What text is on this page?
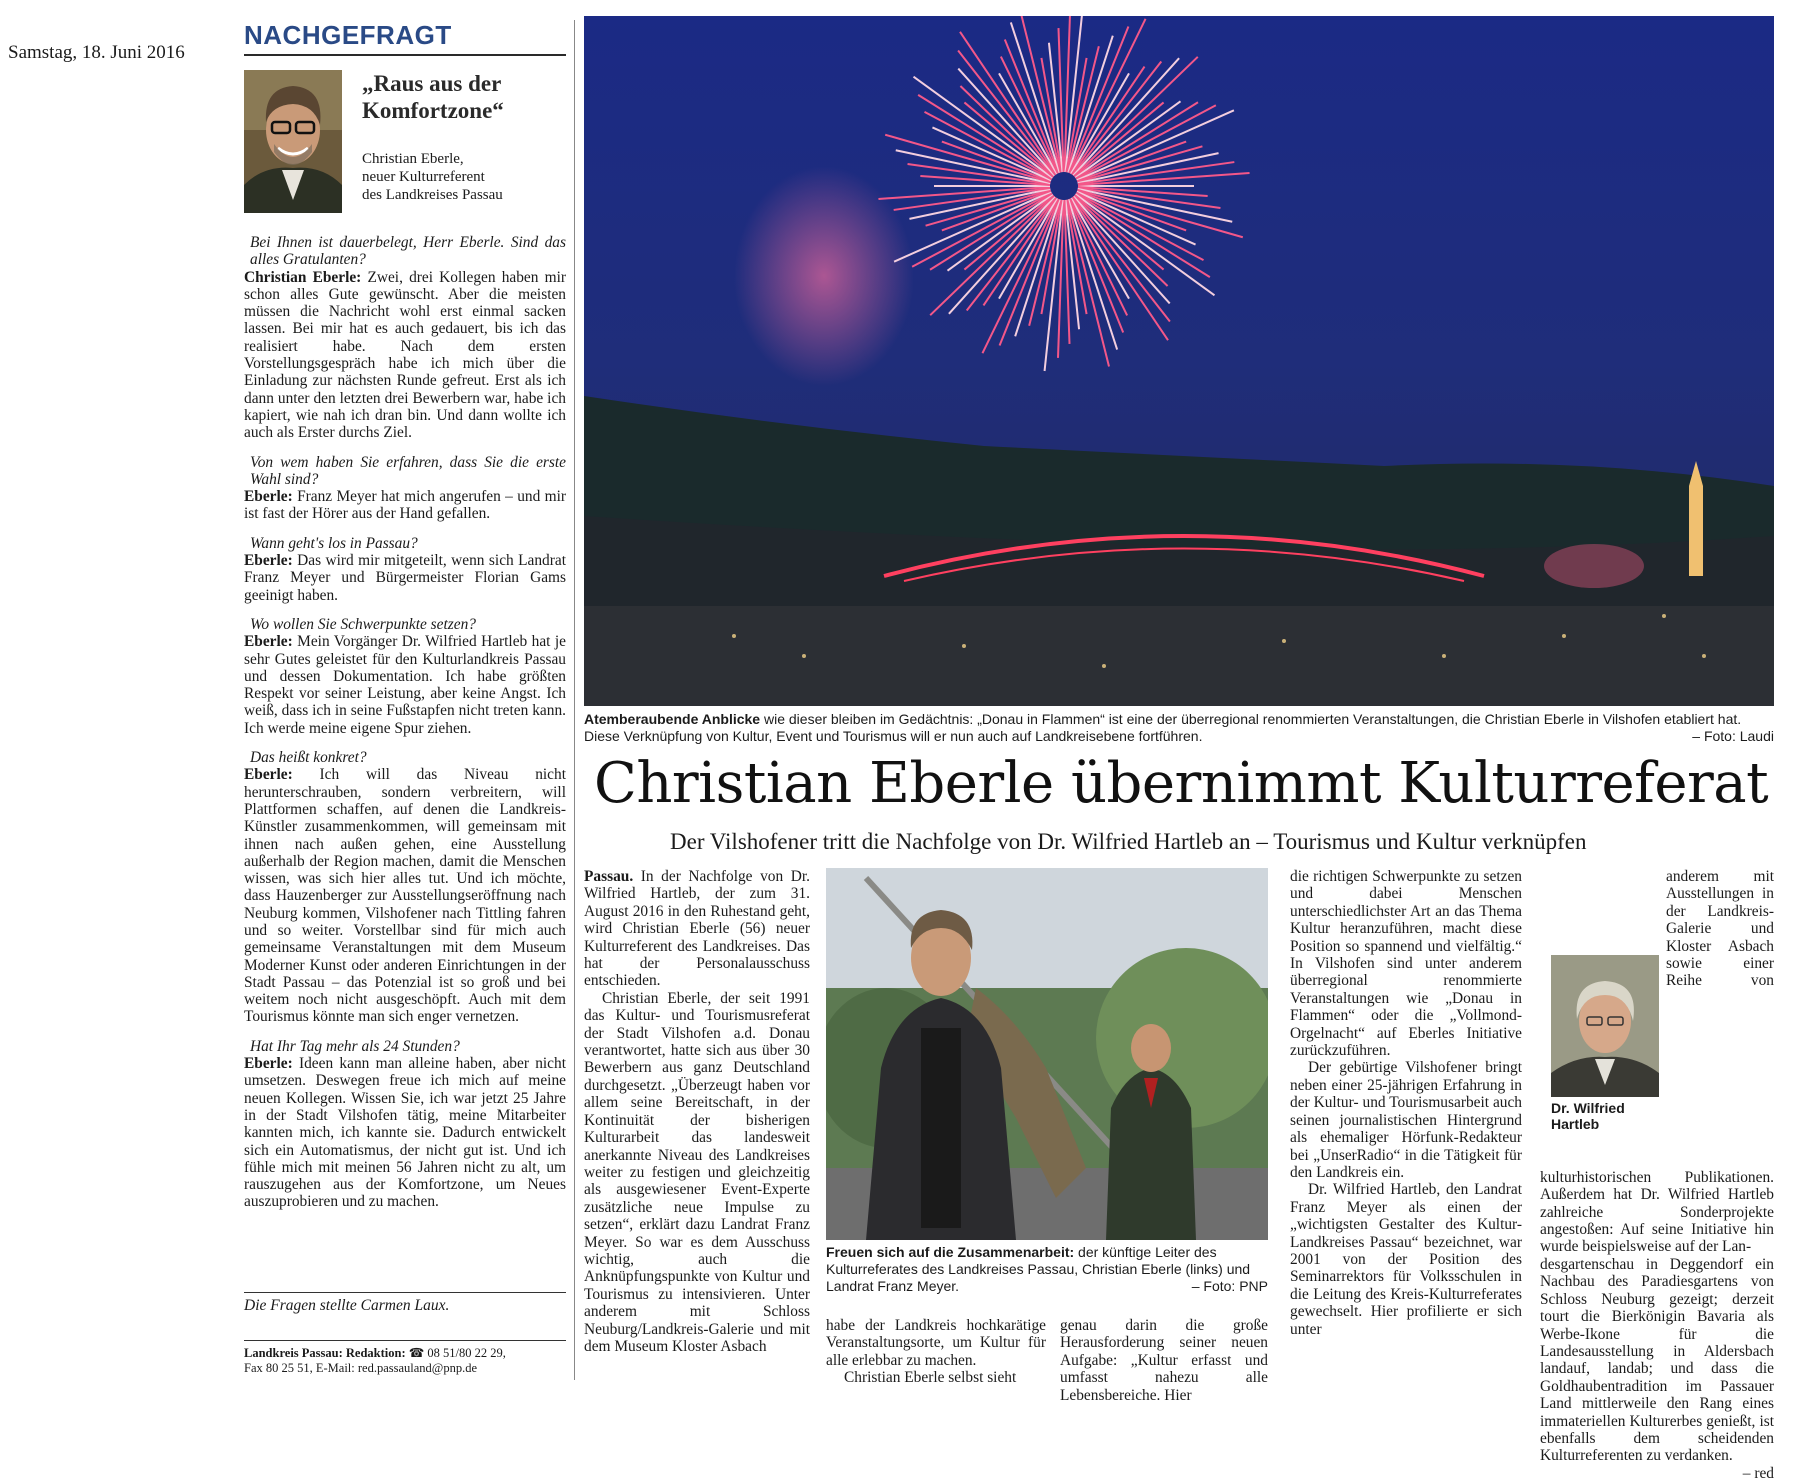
Samstag, 18. Juni 2016
NACHGEFRAGT
„Raus aus der Komfortzone“
Christian Eberle,
neuer Kulturreferent
des Landkreises Passau
Bei Ihnen ist dauerbelegt, Herr Eberle. Sind das alles Gratulanten?
Christian Eberle: Zwei, drei Kollegen haben mir schon alles Gute gewünscht. Aber die meisten müssen die Nachricht wohl erst einmal sacken lassen. Bei mir hat es auch gedauert, bis ich das realisiert habe. Nach dem ersten Vorstellungsgespräch habe ich mich über die Einladung zur nächsten Runde gefreut. Erst als ich dann unter den letzten drei Bewerbern war, habe ich kapiert, wie nah ich dran bin. Und dann wollte ich auch als Erster durchs Ziel.
Von wem haben Sie erfahren, dass Sie die erste Wahl sind?
Eberle: Franz Meyer hat mich angerufen – und mir ist fast der Hörer aus der Hand gefallen.
Wann geht's los in Passau?
Eberle: Das wird mir mitgeteilt, wenn sich Landrat Franz Meyer und Bürgermeister Florian Gams geeinigt haben.
Wo wollen Sie Schwerpunkte setzen?
Eberle: Mein Vorgänger Dr. Wilfried Hartleb hat je sehr Gutes geleistet für den Kulturlandkreis Passau und dessen Dokumentation. Ich habe größten Respekt vor seiner Leistung, aber keine Angst. Ich weiß, dass ich in seine Fußstapfen nicht treten kann. Ich werde meine eigene Spur ziehen.
Das heißt konkret?
Eberle: Ich will das Niveau nicht herunterschrauben, sondern verbreitern, will Plattformen schaffen, auf denen die Landkreis-Künstler zusammenkommen, will gemeinsam mit ihnen nach außen gehen, eine Ausstellung außerhalb der Region machen, damit die Menschen wissen, was sich hier alles tut. Und ich möchte, dass Hauzenberger zur Ausstellungseröffnung nach Neuburg kommen, Vilshofener nach Tittling fahren und so weiter. Vorstellbar sind für mich auch gemeinsame Veranstaltungen mit dem Museum Moderner Kunst oder anderen Einrichtungen in der Stadt Passau – das Potenzial ist so groß und bei weitem noch nicht ausgeschöpft. Auch mit dem Tourismus könnte man sich enger vernetzen.
Hat Ihr Tag mehr als 24 Stunden?
Eberle: Ideen kann man alleine haben, aber nicht umsetzen. Deswegen freue ich mich auf meine neuen Kollegen. Wissen Sie, ich war jetzt 25 Jahre in der Stadt Vilshofen tätig, meine Mitarbeiter kannten mich, ich kannte sie. Dadurch entwickelt sich ein Automatismus, der nicht gut ist. Und ich fühle mich mit meinen 56 Jahren nicht zu alt, um rauszugehen aus der Komfortzone, um Neues auszuprobieren und zu machen.
Die Fragen stellte Carmen Laux.
Landkreis Passau: Redaktion: ☎ 08 51/80 22 29,
Fax 80 25 51, E-Mail: red.passauland@pnp.de
Atemberaubende Anblicke wie dieser bleiben im Gedächtnis: „Donau in Flammen“ ist eine der überregional renommierten Veranstaltungen, die Christian Eberle in Vilshofen etabliert hat. Diese Verknüpfung von Kultur, Event und Tourismus will er nun auch auf Landkreisebene fortführen.	– Foto: Laudi
Christian Eberle übernimmt Kulturreferat
Der Vilshofener tritt die Nachfolge von Dr. Wilfried Hartleb an – Tourismus und Kultur verknüpfen

Passau. In der Nachfolge von Dr. Wilfried Hartleb, der zum 31. August 2016 in den Ruhestand geht, wird Christian Eberle (56) neuer Kulturreferent des Landkreises. Das hat der Personalausschuss entschieden.

Christian Eberle, der seit 1991 das Kultur- und Tourismusreferat der Stadt Vilshofen a.d. Donau verantwortet, hatte sich aus über 30 Bewerbern aus ganz Deutschland durchgesetzt. „Überzeugt haben vor allem seine Bereitschaft, in der Kontinuität der bisherigen Kulturarbeit das landesweit anerkannte Niveau des Landkreises weiter zu festigen und gleichzeitig als ausgewiesener Event-Experte zusätzliche neue Impulse zu setzen“, erklärt dazu Landrat Franz Meyer. So war es dem Ausschuss wichtig, auch die Anknüpfungspunkte von Kultur und Tourismus zu intensivieren. Unter anderem mit Schloss Neuburg/Landkreis-Galerie und mit dem Museum Kloster Asbach

Freuen sich auf die Zusammenarbeit: der künftige Leiter des Kulturreferates des Landkreises Passau, Christian Eberle (links) und Landrat Franz Meyer.	– Foto: PNP

habe der Landkreis hochkarätige Veranstaltungsorte, um Kultur für alle erlebbar zu machen.

Christian Eberle selbst sieht

genau darin die große Herausforderung seiner neuen Aufgabe: „Kultur erfasst und umfasst nahezu alle Lebensbereiche. Hier

die richtigen Schwerpunkte zu setzen und dabei Menschen unterschiedlichster Art an das Thema Kultur heranzuführen, macht diese Position so spannend und vielfältig.“ In Vilshofen sind unter anderem überregional renommierte Veranstaltungen wie „Donau in Flammen“ oder die „Vollmond-Orgelnacht“ auf Eberles Initiative zurückzuführen.

Der gebürtige Vilshofener bringt neben einer 25-jährigen Erfahrung in der Kultur- und Tourismusarbeit auch seinen journalistischen Hintergrund als ehemaliger Hörfunk-Redakteur bei „UnserRadio“ in die Tätigkeit für den Landkreis ein.

Dr. Wilfried Hartleb, den Landrat Franz Meyer als einen der „wichtigsten Gestalter des Kultur-Landkreises Passau“ bezeichnet, war 2001 von der Position des Seminarrektors für Volksschulen in die Leitung des Kreis-Kulturreferates gewechselt. Hier profilierte er sich unter

anderem mit Ausstellungen in der Landkreis-Galerie und Kloster Asbach sowie einer Reihe von kulturhistorischen Publikationen. Außerdem hat Dr. Wilfried Hartleb zahlreiche Sonderprojekte angestoßen: Auf seine Initiative hin wurde beispielsweise auf der Lan-

desgartenschau in Deggendorf ein Nachbau des Paradiesgartens von Schloss Neuburg gezeigt; derzeit tourt die Bierkönigin Bavaria als Werbe-Ikone für die Landesausstellung in Aldersbach landauf, landab; und dass die Goldhaubentradition im Passauer Land mittlerweile den Rang eines immateriellen Kulturerbes genießt, ist ebenfalls dem scheidenden Kulturreferenten zu verdanken.

– red
Dr. Wilfried Hartleb
